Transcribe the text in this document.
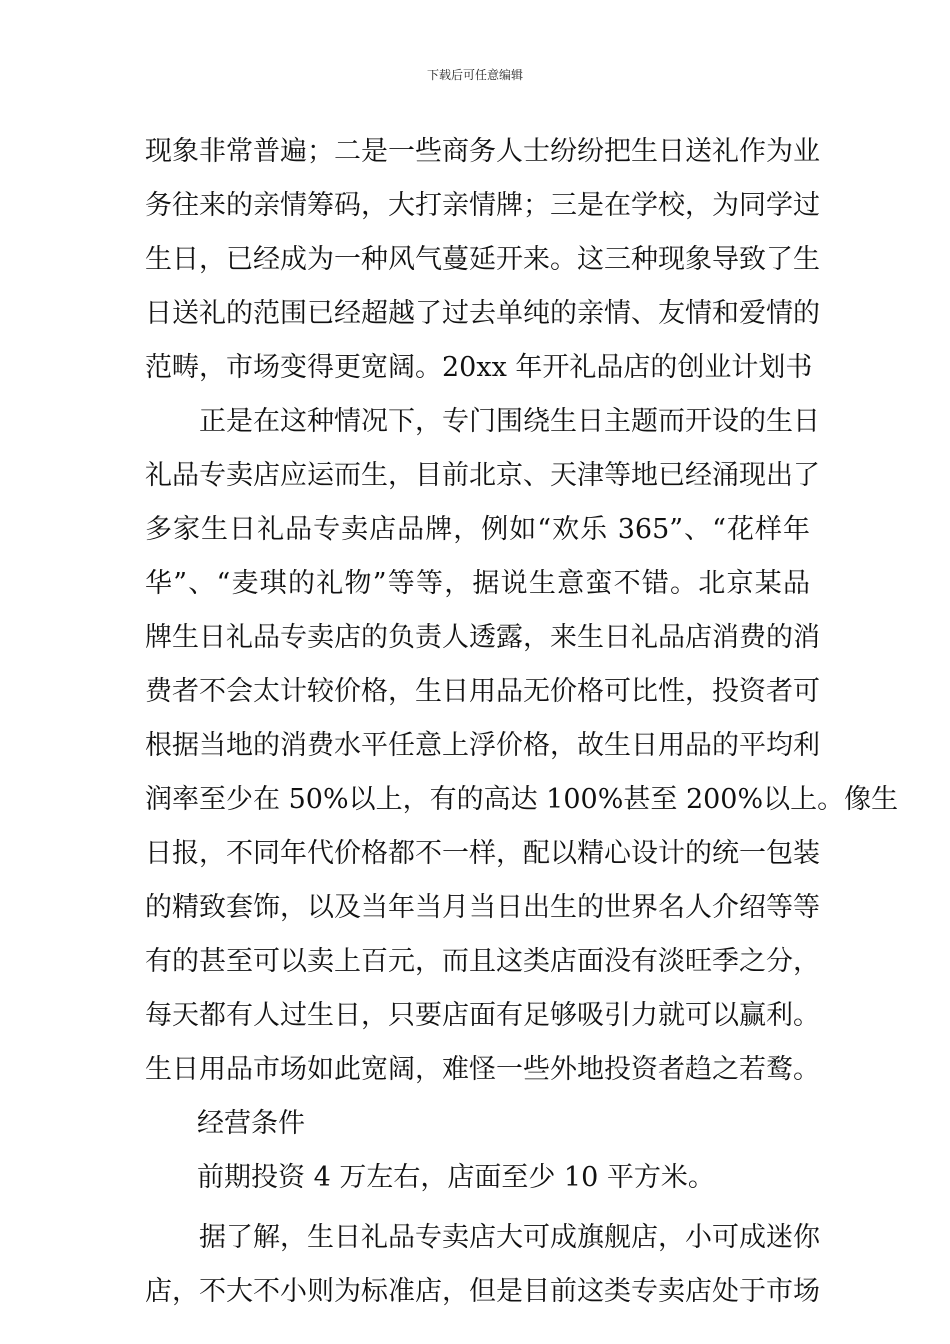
下载后可任意编辑
现象非常普遍；二是一些商务人士纷纷把生日送礼作为业
务往来的亲情筹码，大打亲情牌；三是在学校，为同学过
生日，已经成为一种风气蔓延开来。这三种现象导致了生
日送礼的范围已经超越了过去单纯的亲情、友情和爱情的
范畴，市场变得更宽阔。20xx 年开礼品店的创业计划书
正是在这种情况下，专门围绕生日主题而开设的生日
礼品专卖店应运而生，目前北京、天津等地已经涌现出了
多家生日礼品专卖店品牌，例如“欢乐 365”、“花样年
华”、“麦琪的礼物”等等，据说生意蛮不错。北京某品
牌生日礼品专卖店的负责人透露，来生日礼品店消费的消
费者不会太计较价格，生日用品无价格可比性，投资者可
根据当地的消费水平任意上浮价格，故生日用品的平均利
润率至少在 50%以上，有的高达 100%甚至 200%以上。像生
日报，不同年代价格都不一样，配以精心设计的统一包装
的精致套饰，以及当年当月当日出生的世界名人介绍等等
有的甚至可以卖上百元，而且这类店面没有淡旺季之分，
每天都有人过生日，只要店面有足够吸引力就可以赢利。
生日用品市场如此宽阔，难怪一些外地投资者趋之若鹜。
经营条件
前期投资 4 万左右，店面至少 10 平方米。
据了解，生日礼品专卖店大可成旗舰店，小可成迷你
店，不大不小则为标准店，但是目前这类专卖店处于市场
